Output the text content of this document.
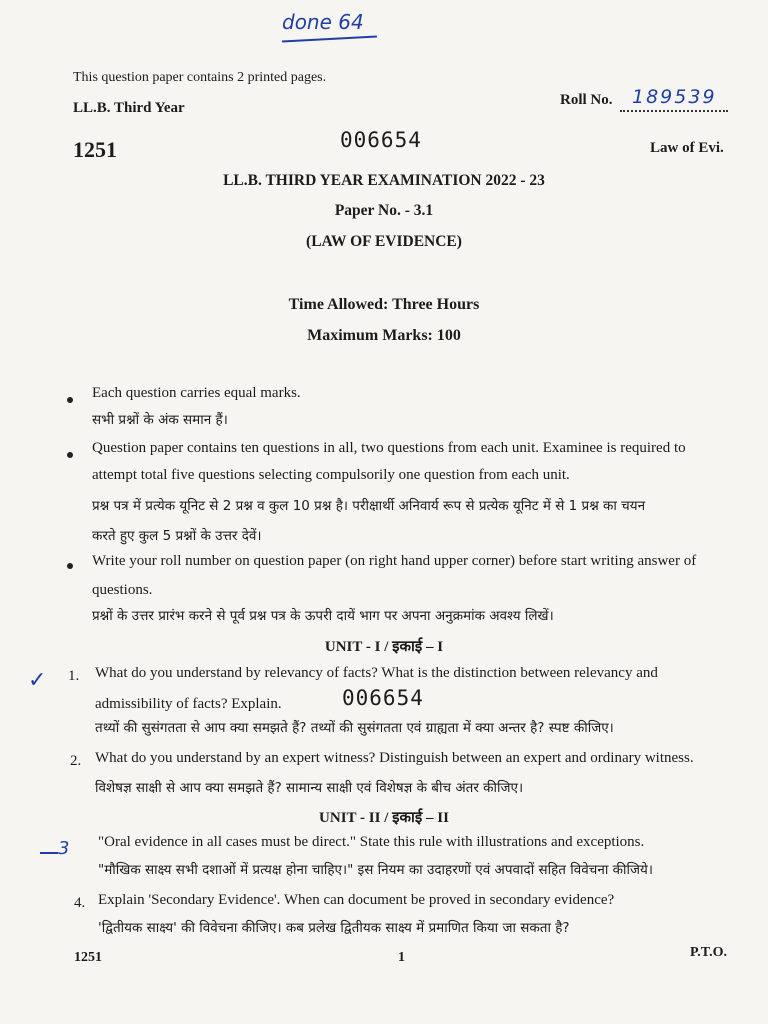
done 64
This question paper contains 2 printed pages.
LL.B. Third Year	Roll No. 189539
1251	006654	Law of Evi.
LL.B. THIRD YEAR EXAMINATION 2022 - 23
Paper No. - 3.1
(LAW OF EVIDENCE)
Time Allowed: Three Hours
Maximum Marks: 100
Each question carries equal marks.
सभी प्रश्नों के अंक समान हैं।
Question paper contains ten questions in all, two questions from each unit. Examinee is required to
attempt total five questions selecting compulsorily one question from each unit.
प्रश्न पत्र में प्रत्येक यूनिट से 2 प्रश्न व कुल 10 प्रश्न है। परीक्षार्थी अनिवार्य रूप से प्रत्येक यूनिट में से 1 प्रश्न का चयन
करते हुए कुल 5 प्रश्नों के उत्तर देवें।
Write your roll number on question paper (on right hand upper corner) before start writing answer of
questions.
प्रश्नों के उत्तर प्रारंभ करने से पूर्व प्रश्न पत्र के ऊपरी दायें भाग पर अपना अनुक्रमांक अवश्य लिखें।
UNIT - I / इकाई – I
✓ 1. What do you understand by relevancy of facts? What is the distinction between relevancy and
admissibility of facts? Explain.	006654
तथ्यों की सुसंगतता से आप क्या समझते हैं? तथ्यों की सुसंगतता एवं ग्राह्यता में क्या अन्तर है? स्पष्ट कीजिए।
2. What do you understand by an expert witness? Distinguish between an expert and ordinary witness.
विशेषज्ञ साक्षी से आप क्या समझते हैं? सामान्य साक्षी एवं विशेषज्ञ के बीच अंतर कीजिए।
UNIT - II / इकाई – II
3 "Oral evidence in all cases must be direct." State this rule with illustrations and exceptions.
"मौखिक साक्ष्य सभी दशाओं में प्रत्यक्ष होना चाहिए।" इस नियम का उदाहरणों एवं अपवादों सहित विवेचना कीजिये।
4. Explain 'Secondary Evidence'. When can document be proved in secondary evidence?
'द्वितीयक साक्ष्य' की विवेचना कीजिए। कब प्रलेख द्वितीयक साक्ष्य में प्रमाणित किया जा सकता है?
1251	1	P.T.O.
